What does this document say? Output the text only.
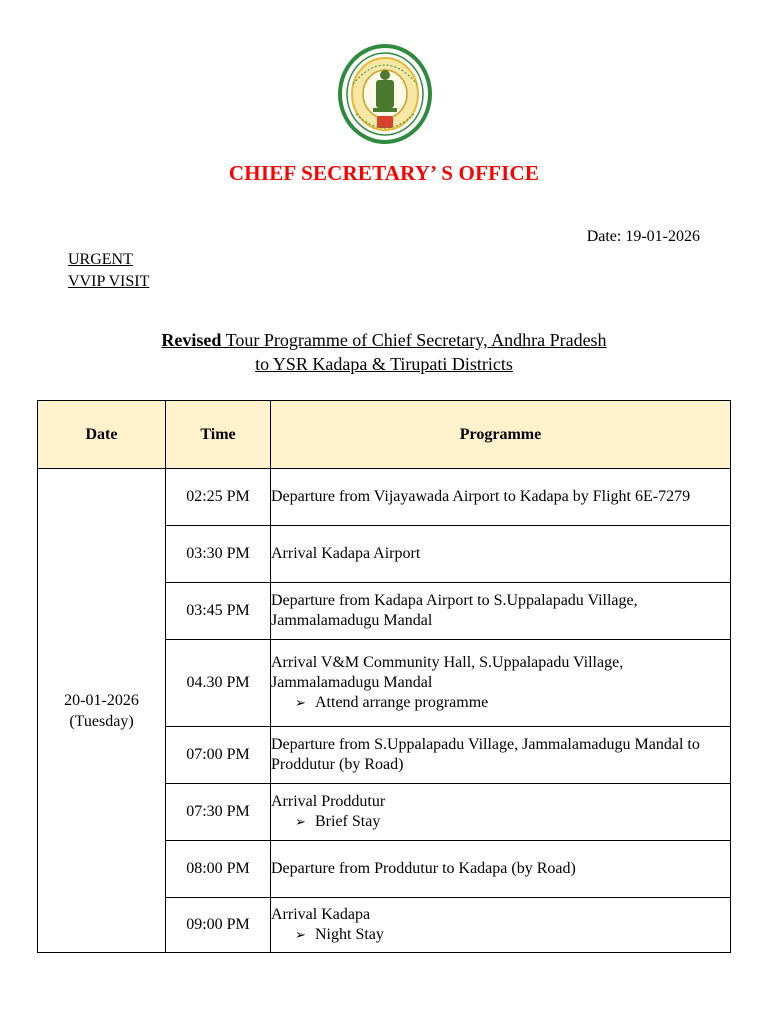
CHIEF SECRETARY’ S OFFICE
Date: 19-01-2026
URGENT
VVIP VISIT
Revised Tour Programme of Chief Secretary, Andhra Pradesh
to YSR Kadapa & Tirupati Districts
Date	Time	Programme

20-01-2026
(Tuesday)	02:25 PM	Departure from Vijayawada Airport to Kadapa by Flight 6E-7279
	03:30 PM	Arrival Kadapa Airport
	03:45 PM	Departure from Kadapa Airport to S.Uppalapadu Village, Jammalamadugu Mandal
	04.30 PM	Arrival V&M Community Hall, S.Uppalapadu Village, Jammalamadugu Mandal
➢ Attend arrange programme

	07:00 PM	Departure from S.Uppalapadu Village, Jammalamadugu Mandal to Proddutur (by Road)
	07:30 PM	Arrival Proddutur
➢ Brief Stay

	08:00 PM	Departure from Proddutur to Kadapa (by Road)
	09:00 PM	Arrival Kadapa
➢ Night Stay
